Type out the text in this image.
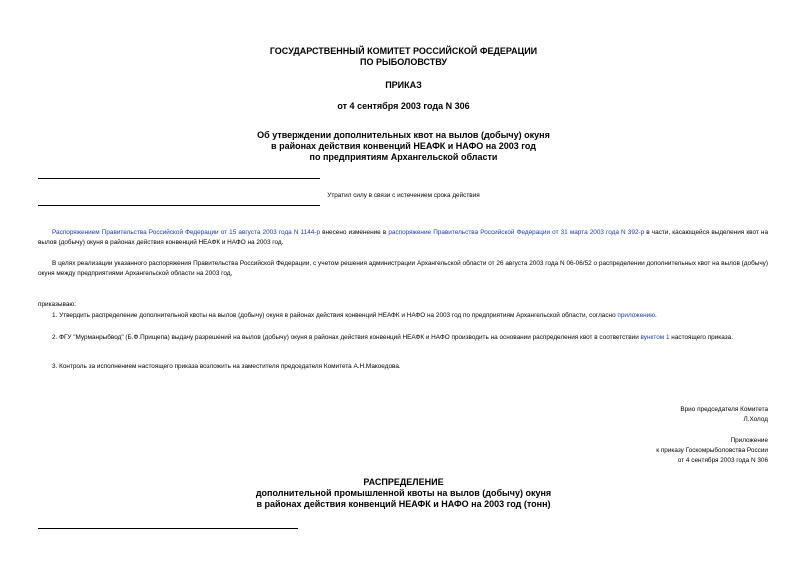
ГОСУДАРСТВЕННЫЙ КОМИТЕТ РОССИЙСКОЙ ФЕДЕРАЦИИ
ПО РЫБОЛОВСТВУ
ПРИКАЗ
от 4 сентября 2003 года N 306
Об утверждении дополнительных квот на вылов (добычу) окуня
в районах действия конвенций НЕАФК и НАФО на 2003 год
по предприятиям Архангельской области
Утратил силу в связи с истечением срока действия

Распоряжением Правительства Российской Федерации от 15 августа 2003 года N 1144-р внесено изменение в распоряжение Правительства Российской Федерации от 31 марта 2003 года N 392-р в части, касающейся выделения квот на вылов (добычу) окуня в районах действия конвенций НЕАФК и НАФО на 2003 год.

В целях реализации указанного распоряжения Правительства Российской Федерации, с учетом решения администрации Архангельской области от 26 августа 2003 года N 06-06/52 о распределении дополнительных квот на вылов (добычу) окуня между предприятиями Архангельской области на 2003 год,

приказываю:

1. Утвердить распределение дополнительной квоты на вылов (добычу) окуня в районах действия конвенций НЕАФК и НАФО на 2003 год по предприятиям Архангельской области, согласно приложению.

2. ФГУ "Мурманрыбвод" (Б.Ф.Прищепа) выдачу разрешений на вылов (добычу) окуня в районах действия конвенций НЕАФК и НАФО производить на основании распределения квот в соответствии вунктом 1 настоящего приказа.

3. Контроль за исполнением настоящего приказа возложить на заместителя председателя Комитета А.Н.Макоедова.

Врио председателя Комитета
Л.Холод
Приложение
к приказу Госкомрыболовства России
от 4 сентября 2003 года N 306
РАСПРЕДЕЛЕНИЕ
дополнительной промышленной квоты на вылов (добычу) окуня
в районах действия конвенций НЕАФК и НАФО на 2003 год (тонн)
